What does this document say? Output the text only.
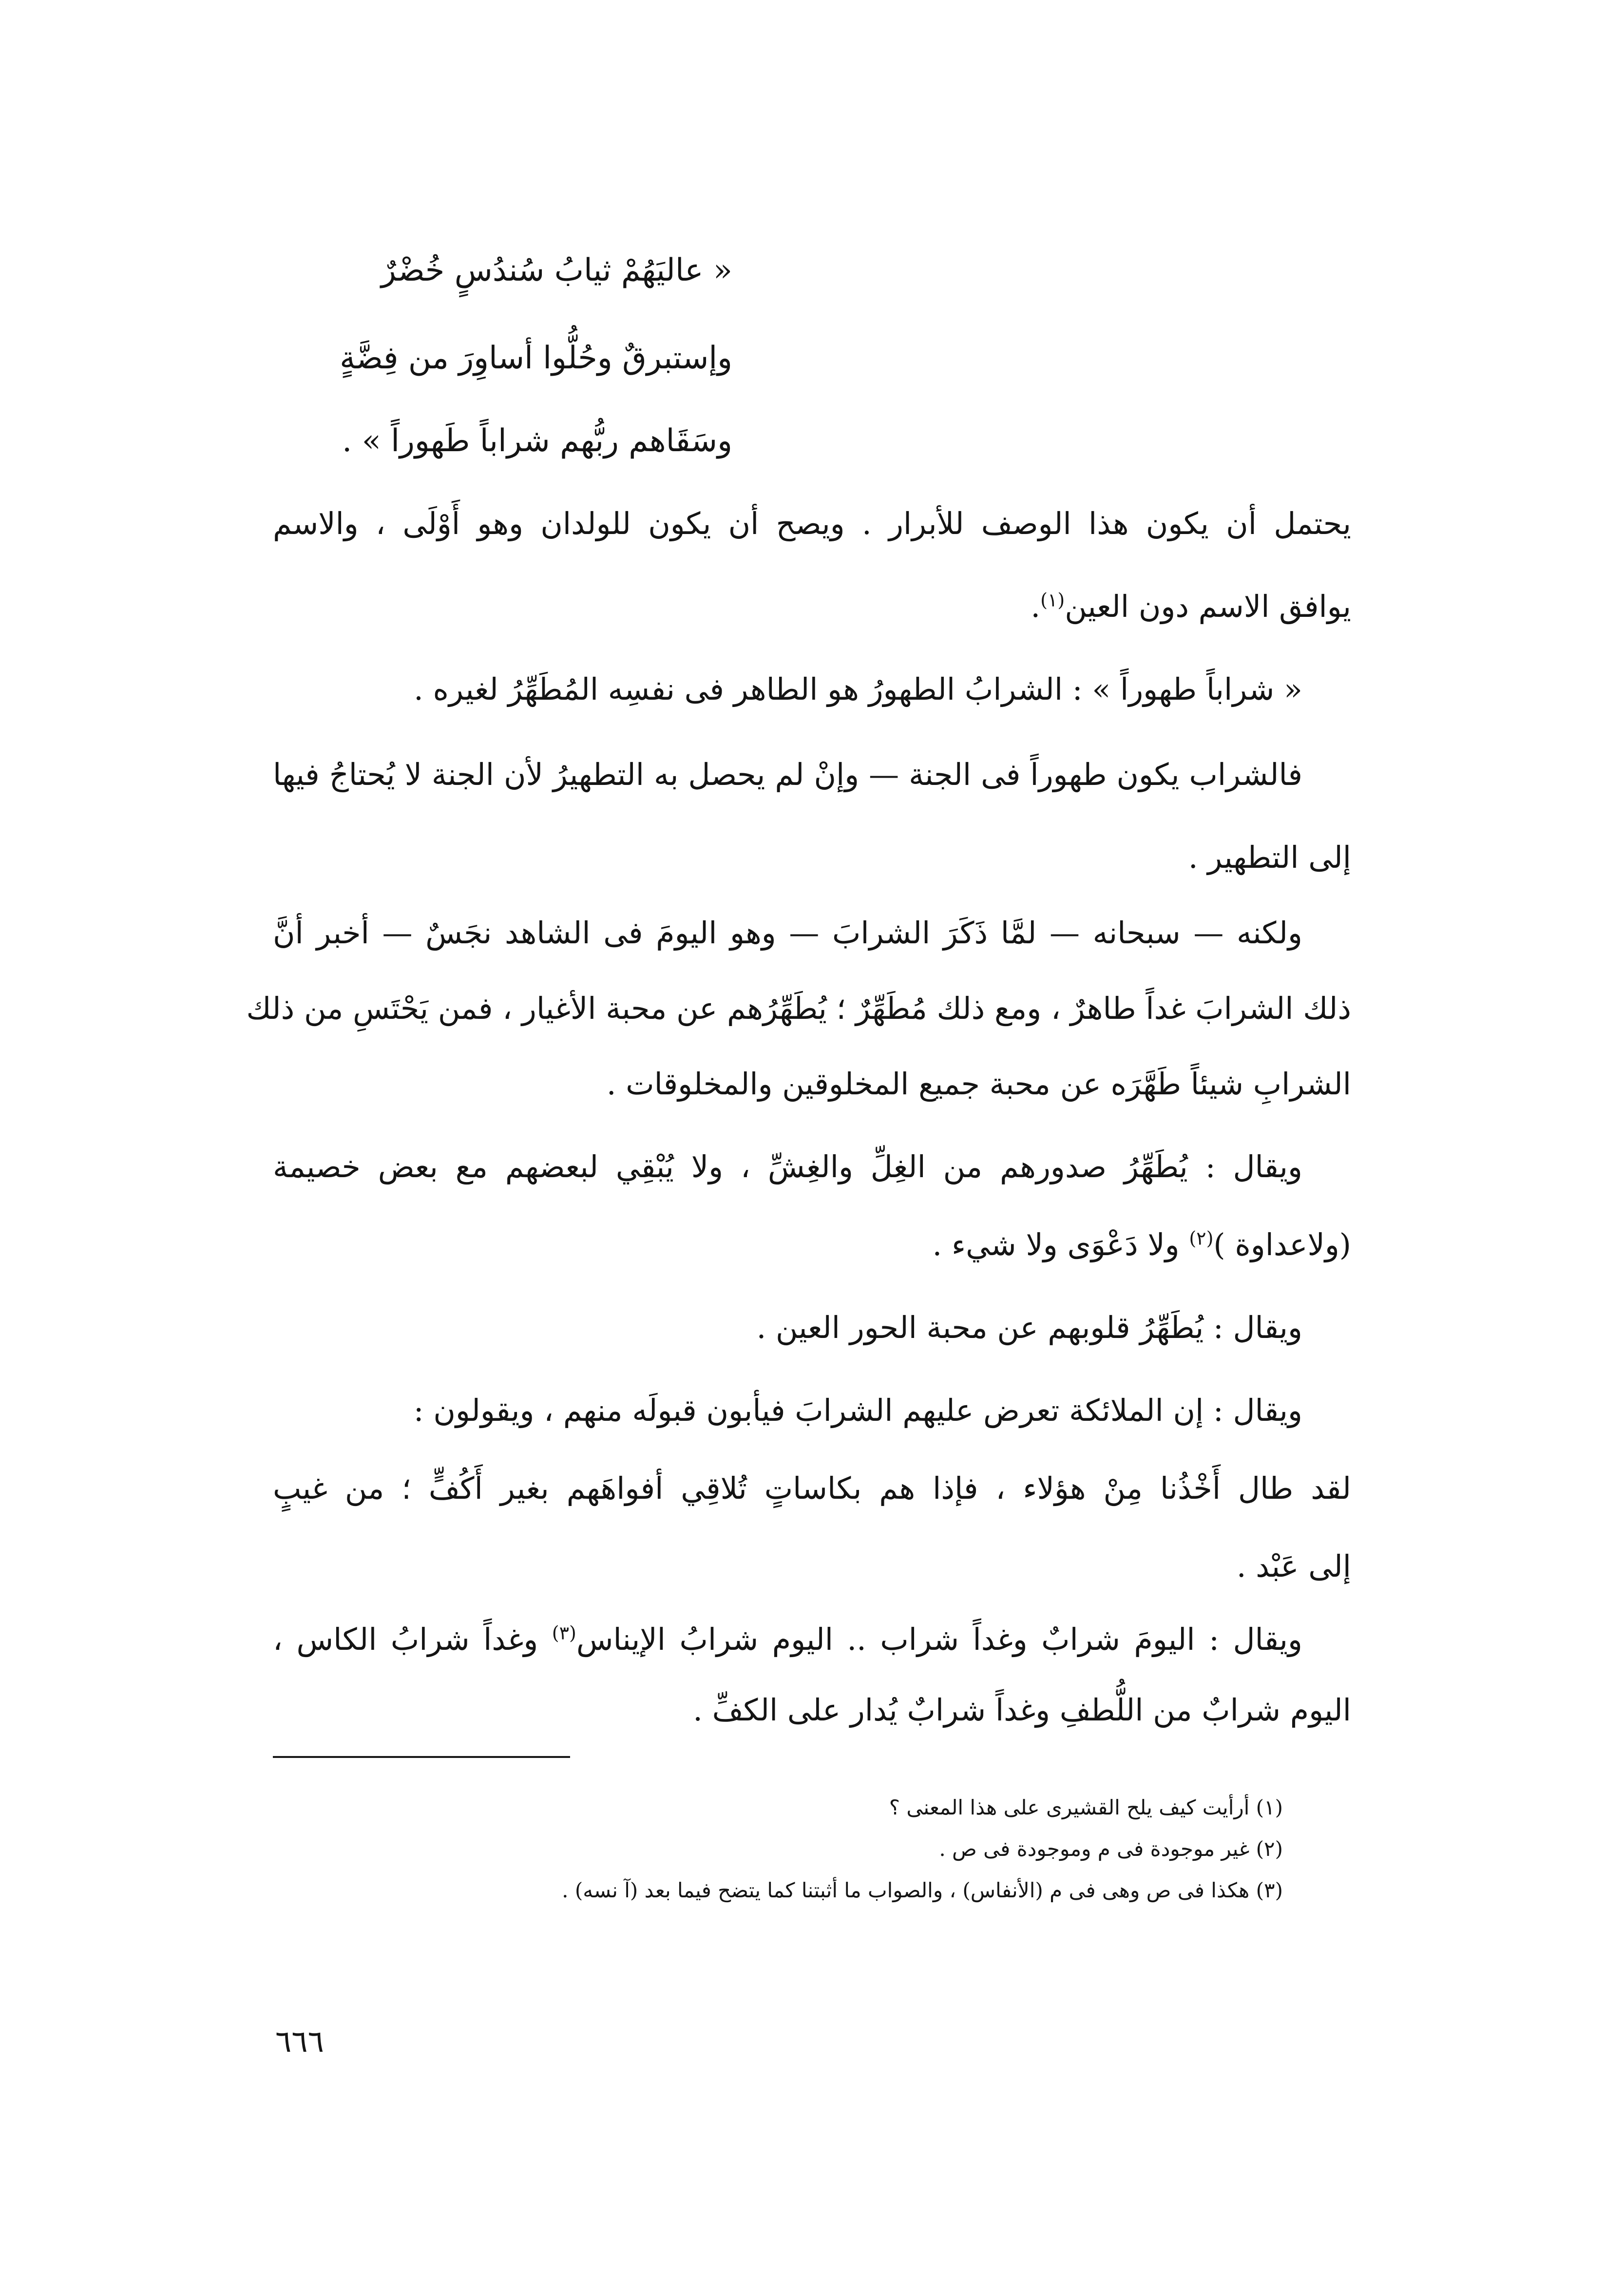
« عاليَهُمْ ثيابُ سُندُسٍ خُضْرٌ
وإستبرقٌ وحُلُّوا أساوِرَ من فِضَّةٍ
وسَقَاهم ربُّهم شراباً طَهوراً » .
يحتمل أن يكون هذا الوصف للأبرار . ويصح أن يكون للولدان وهو أَوْلَى ، والاسم
يوافق الاسم دون العين$^{(١)}$.
« شراباً طهوراً » : الشرابُ الطهورُ هو الطاهر فى نفسِه المُطَهِّرُ لغيره .
فالشراب يكون طهوراً فى الجنة — وإنْ لم يحصل به التطهيرُ لأن الجنة لا يُحتاجُ فيها
إلى التطهير .
ولكنه — سبحانه — لمَّا ذَكَرَ الشرابَ — وهو اليومَ فى الشاهد نجَسٌ — أخبر أنَّ
ذلك الشرابَ غداً طاهرٌ ، ومع ذلك مُطَهِّرٌ ؛ يُطَهِّرُهم عن محبة الأغيار ، فمن يَحْتَسِ من ذلك
الشرابِ شيئاً طَهَّرَه عن محبة جميع المخلوقين والمخلوقات .
ويقال : يُطَهِّرُ صدورهم من الغِلِّ والغِشِّ ، ولا يُبْقِي لبعضهم مع بعض خصيمة
(ولاعداوة )$^{(٢)}$ ولا دَعْوَى ولا شيء .
ويقال : يُطَهِّرُ قلوبهم عن محبة الحور العين .
ويقال : إن الملائكة تعرض عليهم الشرابَ فيأبون قبولَه منهم ، ويقولون :
لقد طال أَخْذُنا مِنْ هؤلاء ، فإذا هم بكاساتٍ تُلاقِي أفواهَهم بغير أَكُفٍّ ؛ من غيبٍ
إلى عَبْد .
ويقال : اليومَ شرابٌ وغداً شراب .. اليوم شرابُ الإيناس$^{(٣)}$ وغداً شرابُ الكاس ،
اليوم شرابٌ من اللُّطفِ وغداً شرابٌ يُدار على الكفِّ .
(١) أرأيت كيف يلح القشيرى على هذا المعنى ؟
(٢) غير موجودة فى م وموجودة فى ص .
(٣) هكذا فى ص وهى فى م (الأنفاس) ، والصواب ما أثبتنا كما يتضح فيما بعد (آ نسه) .
٦٦٦
